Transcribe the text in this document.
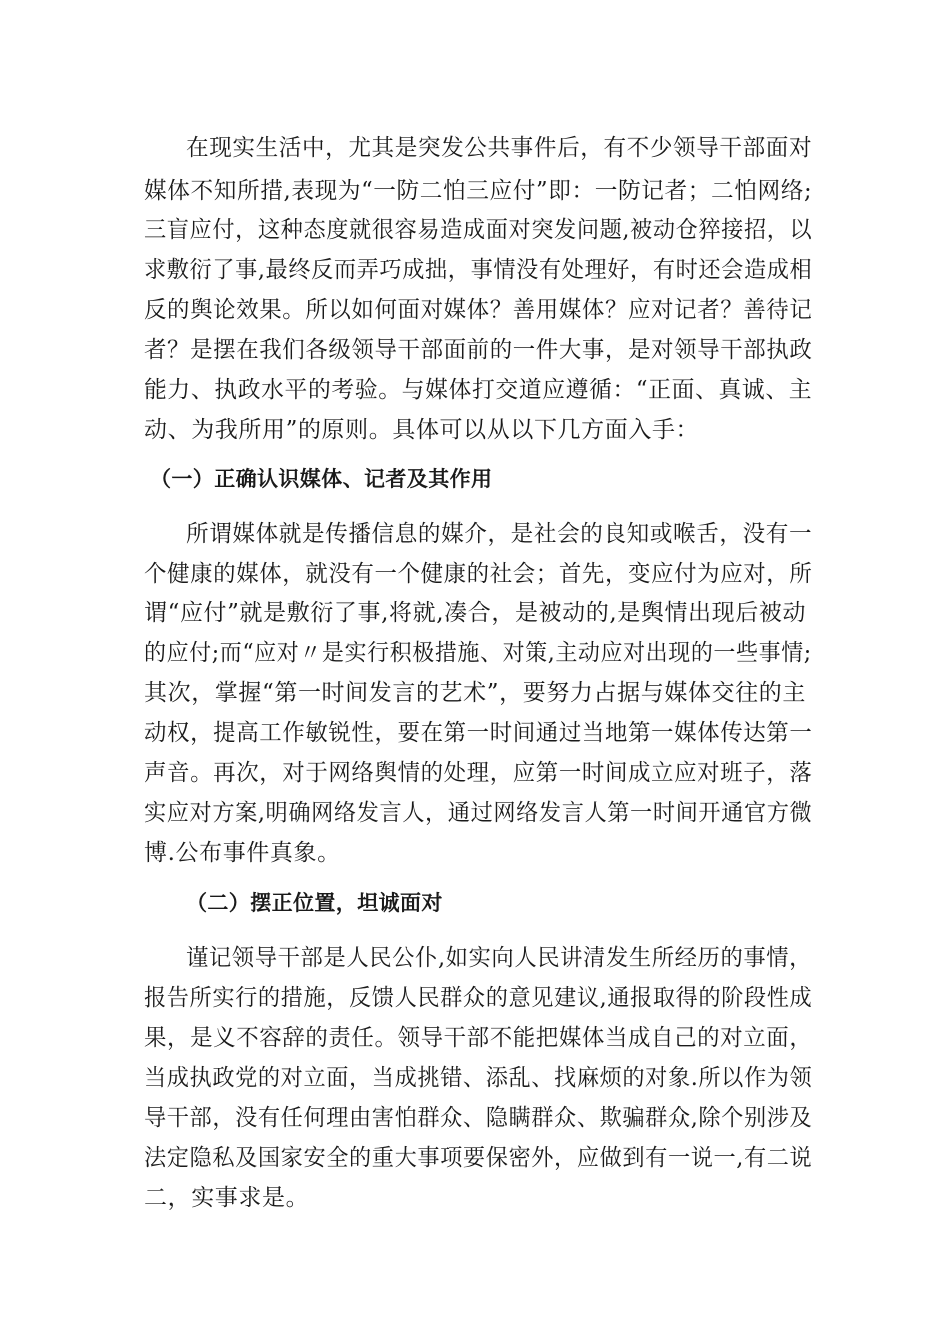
在现实生活中，尤其是突发公共事件后，有不少领导干部面对
媒体不知所措,表现为“一防二怕三应付”即：一防记者；二怕网络;
三盲应付，这种态度就很容易造成面对突发问题,被动仓猝接招，以
求敷衍了事,最终反而弄巧成拙，事情没有处理好，有时还会造成相
反的舆论效果。所以如何面对媒体？善用媒体？应对记者？善待记
者？是摆在我们各级领导干部面前的一件大事，是对领导干部执政
能力、执政水平的考验。与媒体打交道应遵循：“正面、真诚、主
动、为我所用”的原则。具体可以从以下几方面入手：
（一）正确认识媒体、记者及其作用
所谓媒体就是传播信息的媒介，是社会的良知或喉舌，没有一
个健康的媒体，就没有一个健康的社会；首先，变应付为应对，所
谓“应付”就是敷衍了事,将就,凑合，是被动的,是舆情出现后被动
的应付;而“应对〃是实行积极措施、对策,主动应对出现的一些事情;
其次，掌握“第一时间发言的艺术”，要努力占据与媒体交往的主
动权，提高工作敏锐性，要在第一时间通过当地第一媒体传达第一
声音。再次，对于网络舆情的处理，应第一时间成立应对班子，落
实应对方案,明确网络发言人，通过网络发言人第一时间开通官方微
博.公布事件真象。
（二）摆正位置，坦诚面对
谨记领导干部是人民公仆,如实向人民讲清发生所经历的事情，
报告所实行的措施，反馈人民群众的意见建议,通报取得的阶段性成
果，是义不容辞的责任。领导干部不能把媒体当成自己的对立面，
当成执政党的对立面，当成挑错、添乱、找麻烦的对象.所以作为领
导干部，没有任何理由害怕群众、隐瞒群众、欺骗群众,除个别涉及
法定隐私及国家安全的重大事项要保密外，应做到有一说一,有二说
二，实事求是。
